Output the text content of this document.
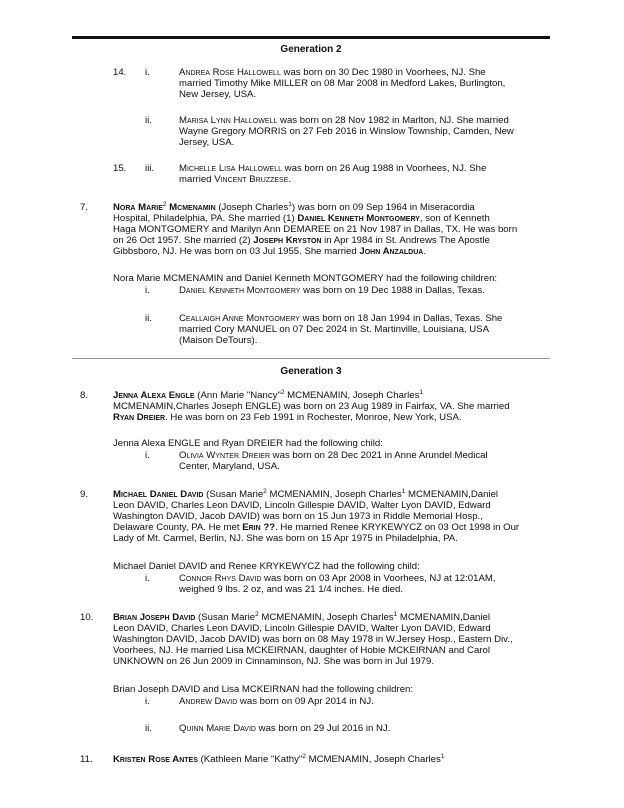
Generation 2
14. i.	Andrea Rose Hallowell was born on 30 Dec 1980 in Voorhees, NJ. She
married Timothy Mike MILLER on 08 Mar 2008 in Medford Lakes, Burlington,
New Jersey, USA.
ii.	Marisa Lynn Hallowell was born on 28 Nov 1982 in Marlton, NJ. She married
Wayne Gregory MORRIS on 27 Feb 2016 in Winslow Township, Camden, New
Jersey, USA.
15. iii.	Michelle Lisa Hallowell was born on 26 Aug 1988 in Voorhees, NJ. She
married Vincent Bruzzese.
7.	Nora Marie$^2$ Mcmenamin (Joseph Charles$^1$) was born on 09 Sep 1964 in Miseracordia
Hospital, Philadelphia, PA. She married (1) Daniel Kenneth Montgomery, son of Kenneth
Haga MONTGOMERY and Marilyn Ann DEMAREE on 21 Nov 1987 in Dallas, TX. He was born
on 26 Oct 1957. She married (2) Joseph Kryston in Apr 1984 in St. Andrews The Apostle
Gibbsboro, NJ. He was born on 03 Jul 1955. She married John Anzaldua.
Nora Marie MCMENAMIN and Daniel Kenneth MONTGOMERY had the following children:
i.	Daniel Kenneth Montgomery was born on 19 Dec 1988 in Dallas, Texas.
ii.	Ceallaigh Anne Montgomery was born on 18 Jan 1994 in Dallas, Texas. She
married Cory MANUEL on 07 Dec 2024 in St. Martinville, Louisiana, USA
(Maison DeTours).
Generation 3
8.	Jenna Alexa Engle (Ann Marie "Nancy"$^2$ MCMENAMIN, Joseph Charles$^1$
MCMENAMIN,Charles Joseph ENGLE) was born on 23 Aug 1989 in Fairfax, VA. She married
Ryan Dreier. He was born on 23 Feb 1991 in Rochester, Monroe, New York, USA.
Jenna Alexa ENGLE and Ryan DREIER had the following child:
i.	Olivia Wynter Dreier was born on 28 Dec 2021 in Anne Arundel Medical
Center, Maryland, USA.
9.	Michael Daniel David (Susan Marie$^2$ MCMENAMIN, Joseph Charles$^1$ MCMENAMIN,Daniel
Leon DAVID, Charles Leon DAVID, Lincoln Gillespie DAVID, Walter Lyon DAVID, Edward
Washington DAVID, Jacob DAVID) was born on 15 Jun 1973 in Riddle Memorial Hosp.,
Delaware County, PA. He met Erin ??. He married Renee KRYKEWYCZ on 03 Oct 1998 in Our
Lady of Mt. Carmel, Berlin, NJ. She was born on 15 Apr 1975 in Philadelphia, PA.
Michael Daniel DAVID and Renee KRYKEWYCZ had the following child:
i.	Connor Rhys David was born on 03 Apr 2008 in Voorhees, NJ at 12:01AM,
weighed 9 lbs. 2 oz, and was 21 1/4 inches. He died.
10. Brian Joseph David (Susan Marie$^2$ MCMENAMIN, Joseph Charles$^1$ MCMENAMIN,Daniel
Leon DAVID, Charles Leon DAVID, Lincoln Gillespie DAVID, Walter Lyon DAVID, Edward
Washington DAVID, Jacob DAVID) was born on 08 May 1978 in W.Jersey Hosp., Eastern Div.,
Voorhees, NJ. He married Lisa MCKEIRNAN, daughter of Hobie MCKEIRNAN and Carol
UNKNOWN on 26 Jun 2009 in Cinnaminson, NJ. She was born in Jul 1979.
Brian Joseph DAVID and Lisa MCKEIRNAN had the following children:
i.	Andrew David was born on 09 Apr 2014 in NJ.
ii.	Quinn Marie David was born on 29 Jul 2016 in NJ.
11. Kristen Rose Antes (Kathleen Marie "Kathy"$^2$ MCMENAMIN, Joseph Charles$^1$
